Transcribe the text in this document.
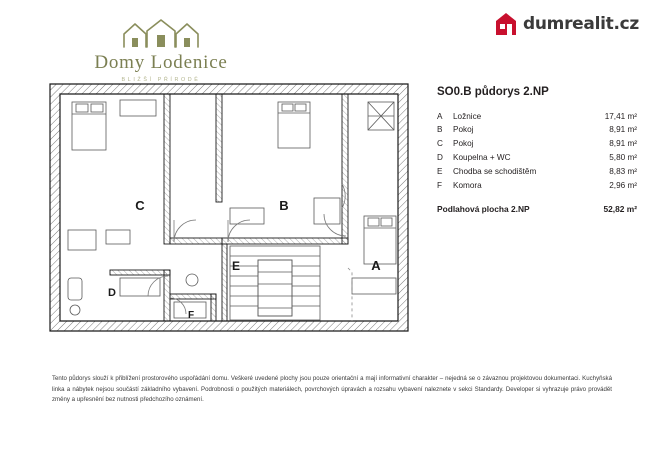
Domy Lodenice
BLIŽŠÍ PŘÍRODĚ
dumrealit.cz
C	B
A
D
E
F
SO0.B půdorys 2.NP
A	Ložnice	17,41 m²
B	Pokoj	8,91 m²
C	Pokoj	8,91 m²
D	Koupelna + WC	5,80 m²
E	Chodba se schodištěm	8,83 m²
F	Komora	2,96 m²
Podlahová plocha 2.NP	52,82 m²
Tento půdorys slouží k přiblížení prostorového uspořádání domu. Veškeré uvedené plochy jsou pouze orientační a mají informativní charakter – nejedná se o závaznou projektovou dokumentaci. Kuchyňská linka a nábytek nejsou součástí základního vybavení. Podrobnosti o použitých materiálech, povrchových úpravách a rozsahu vybavení naleznete v sekci Standardy. Developer si vyhrazuje právo provádět změny a upřesnění bez nutnosti předchozího oznámení.
